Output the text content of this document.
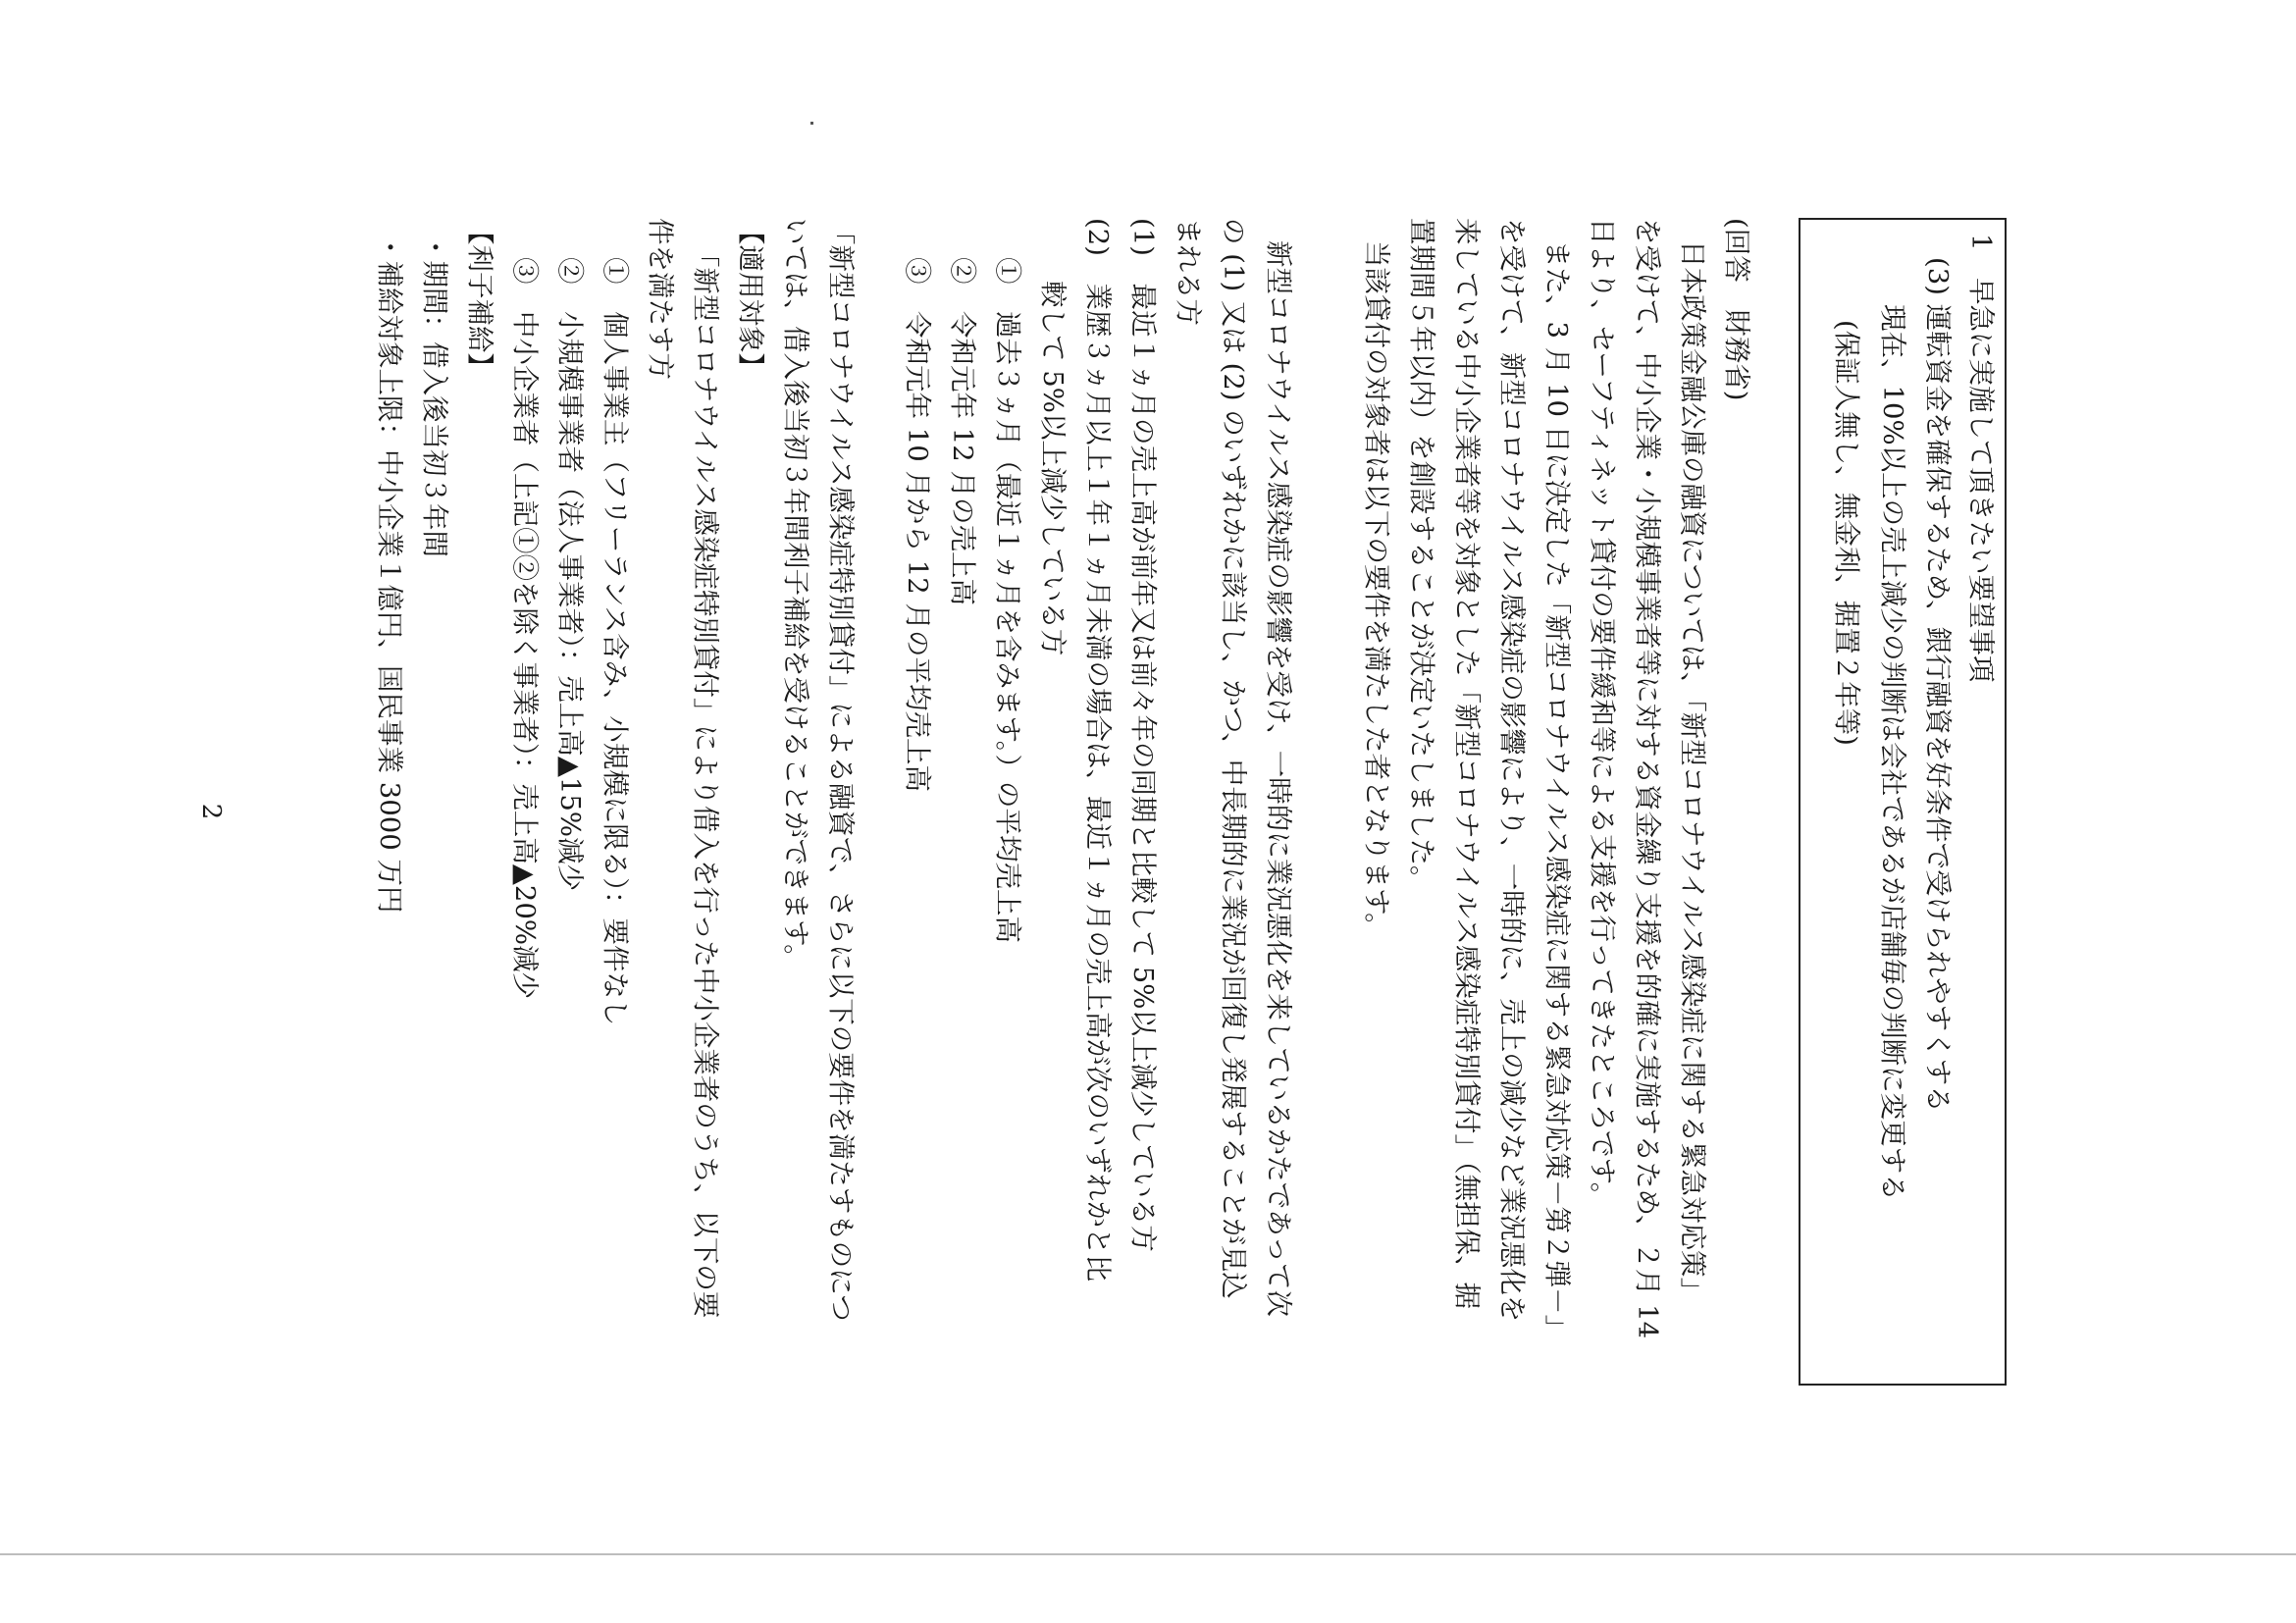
1　早急に実施して頂きたい要望事項
(3) 運転資金を確保するため、銀行融資を好条件で受けられやすくする
現在、10%以上の売上減少の判断は会社であるが店舗毎の判断に変更する
(保証人無し、無金利、据置２年等)
(回答　財務省)
日本政策金融公庫の融資については、「新型コロナウイルス感染症に関する緊急対応策」
を受けて、中小企業・小規模事業者等に対する資金繰り支援を的確に実施するため、２月 14
日より、セーフティネット貸付の要件緩和等による支援を行ってきたところです。
また、3 月 10 日に決定した「新型コロナウイルス感染症に関する緊急対応策－第２弾－」
を受けて、新型コロナウイルス感染症の影響により、一時的に、売上の減少など業況悪化を
来している中小企業者等を対象とした「新型コロナウイルス感染症特別貸付」（無担保、据
置期間５年以内）を創設することが決定いたしました。
当該貸付の対象者は以下の要件を満たした者となります。
新型コロナウイルス感染症の影響を受け、一時的に業況悪化を来しているかたであって次
の (1) 又は (2) のいずれかに該当し、かつ、中長期的に業況が回復し発展することが見込
まれる方
(1)　最近１ヵ月の売上高が前年又は前々年の同期と比較して 5%以上減少している方
(2)　業歴３ヵ月以上１年１ヵ月未満の場合は、最近１ヵ月の売上高が次のいずれかと比
較して 5%以上減少している方
①　過去３ヵ月（最近１ヵ月を含みます。）の平均売上高
②　令和元年 12 月の売上高
③　令和元年 10 月から 12 月の平均売上高
「新型コロナウイルス感染症特別貸付」による融資で、さらに以下の要件を満たすものにつ
いては、借入後当初３年間利子補給を受けることができます。
【適用対象】
「新型コロナウイルス感染症特別貸付」により借入を行った中小企業者のうち、以下の要
件を満たす方
①　個人事業主（フリーランス含み、小規模に限る）：要件なし
②　小規模事業者（法人事業者）：売上高▲15%減少
③　中小企業者（上記①②を除く事業者）：売上高▲20%減少
【利子補給】
・期間：借入後当初３年間
・補給対象上限：中小企業１億円、国民事業 3000 万円
2
